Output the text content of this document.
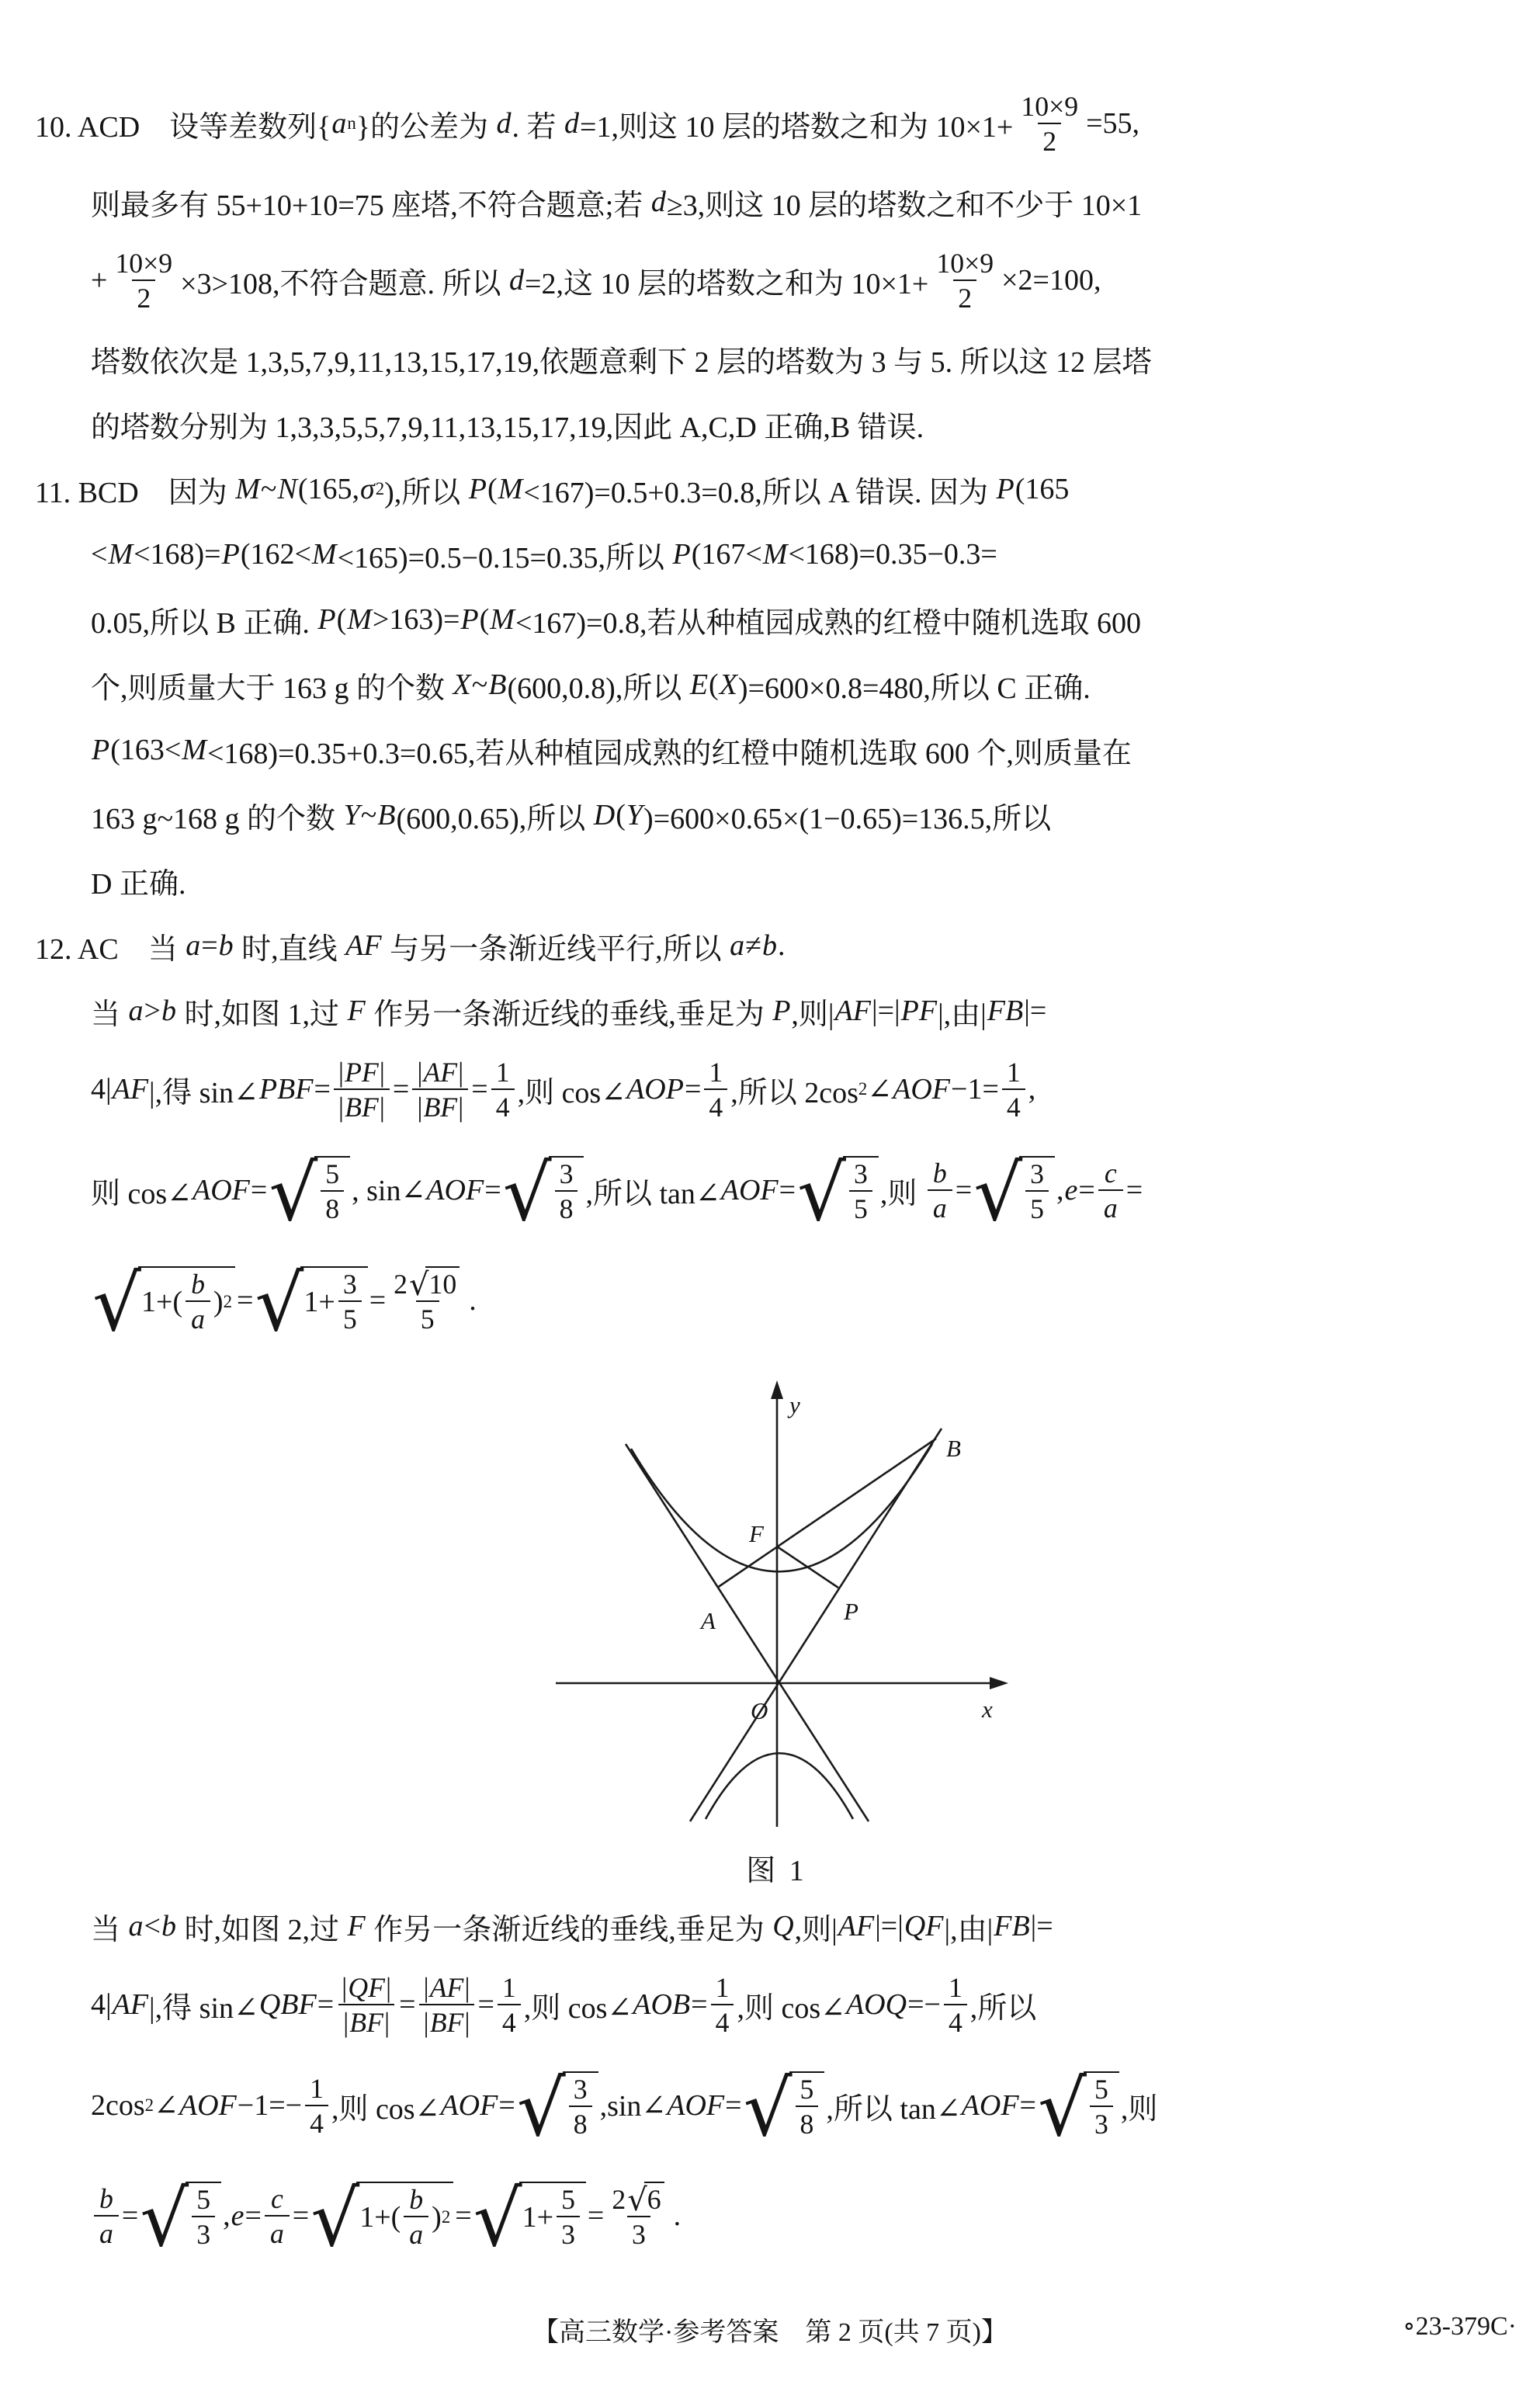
10. ACD　设等差数列{ a n }的公差为 d . 若 d =1,则这 10 层的塔数之和为 $10\times 1+ \frac{10\times 9}{2} =55$,
则最多有 55+10+10=75 座塔,不符合题意;若 d ≥3,则这 10 层的塔数之和不少于 10×1
+ $\frac{10\times 9}{2} \times 3>108$,不符合题意. 所以 d =2,这 10 层的塔数之和为 $10\times 1+ \frac{10\times 9}{2} \times 2=100$,
塔数依次是 1,3,5,7,9,11,13,15,17,19,依题意剩下 2 层的塔数为 3 与 5. 所以这 12 层塔
的塔数分别为 1,3,3,5,5,7,9,11,13,15,17,19,因此 A,C,D 正确,B 错误.
11. BCD　因为 M ~ N (165, σ 2 ),所以 P ( M <167)=0.5+0.3=0.8,所以 A 错误. 因为 P (165
< M <168)= P (162< M <165)=0.5−0.15=0.35,所以 P (167< M <168)=0.35−0.3=
0.05,所以 B 正确. P ( M >163)= P ( M <167)=0.8,若从种植园成熟的红橙中随机选取 600
个,则质量大于 163 g 的个数 X ~ B (600,0.8),所以 E ( X )=600×0.8=480,所以 C 正确.
P (163< M <168)=0.35+0.3=0.65,若从种植园成熟的红橙中随机选取 600 个,则质量在
163 g~168 g 的个数 Y ~ B (600,0.65),所以 D ( Y )=600×0.65×(1−0.65)=136.5,所以
D 正确.
12. AC　当 a = b 时,直线 AF 与另一条渐近线平行,所以 a ≠ b .
当 a > b 时,如图 1,过 F 作另一条渐近线的垂线,垂足为 P ,则| AF |=| PF |,由| FB |=
4| AF |,得 sin∠ PBF = $\frac{| PF |}{| BF |} = \frac{| AF |}{| BF |} = \frac{1}{4}$ ,则 cos∠ AOP = $\frac{1}{4}$ ,所以 2cos 2 ∠ AOF $-1= \frac{1}{4}$ ,
则 cos∠ AOF = √ $\frac{5}{8}$ , sin∠ AOF = √ $\frac{3}{8}$ ,所以 tan∠ AOF = √ $\frac{3}{5}$ ,则 $\frac{b}{a}$ = √ $\frac{3}{5}$ , $e = \frac{c}{a}$ =
√ $1+( \frac{b}{a}$ ) 2 = √ $1+ \frac{3}{5} = \frac{2 √ 10}{5}$ .
y
x
O
F
A	P
B
图 1
当 a < b 时,如图 2,过 F 作另一条渐近线的垂线,垂足为 Q ,则| AF |=| QF |,由| FB |=
4| AF |,得 sin∠ QBF = $\frac{| QF |}{| BF |} = \frac{| AF |}{| BF |} = \frac{1}{4}$ ,则 cos∠ AOB = $\frac{1}{4}$ ,则 cos∠ AOQ =− $\frac{1}{4}$ ,所以
2cos 2 ∠ AOF $-1=- \frac{1}{4}$ ,则 cos∠ AOF = √ $\frac{3}{8}$ ,sin∠ AOF = √ $\frac{5}{8}$ ,所以 tan∠ AOF = √ $\frac{5}{3}$ ,则
$\frac{b}{a}$ = √ $\frac{5}{3}$ , $e = \frac{c}{a}$ = √ $1+( \frac{b}{a}$ ) 2 = √ $1+ \frac{5}{3} = \frac{2 √ 6}{3}$ .
【高三数学·参考答案　第 2 页(共 7 页)】	∘23-379C·
